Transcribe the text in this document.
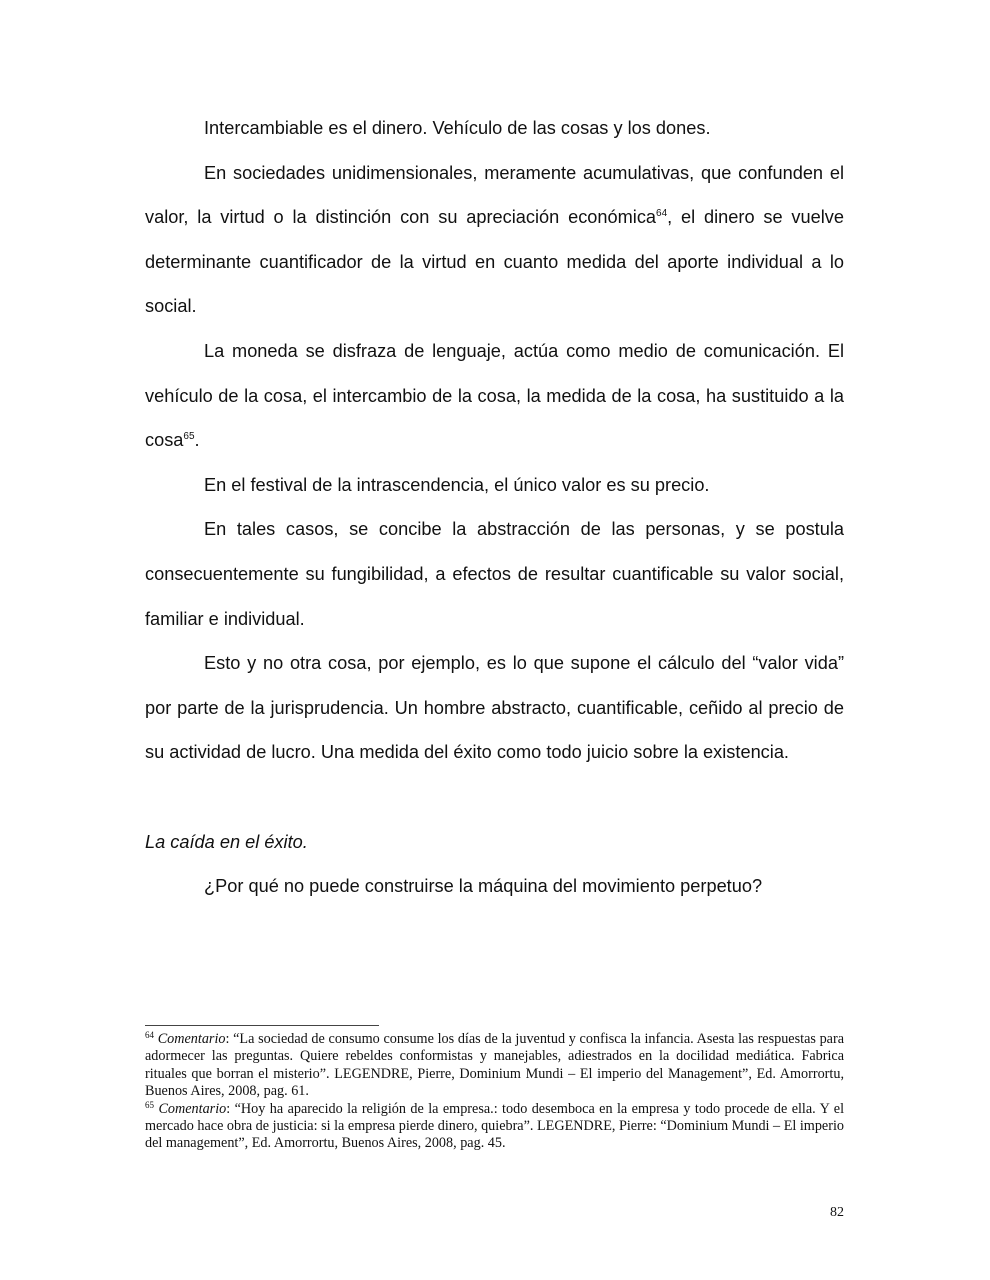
Intercambiable es el dinero. Vehículo de las cosas y los dones.

En sociedades unidimensionales, meramente acumulativas, que confunden el valor, la virtud o la distinción con su apreciación económica$^{64}$, el dinero se vuelve determinante cuantificador de la virtud en cuanto medida del aporte individual a lo social.

La moneda se disfraza de lenguaje, actúa como medio de comunicación. El vehículo de la cosa, el intercambio de la cosa, la medida de la cosa, ha sustituido a la cosa$^{65}$.

En el festival de la intrascendencia, el único valor es su precio.

En tales casos, se concibe la abstracción de las personas, y se postula consecuentemente su fungibilidad, a efectos de resultar cuantificable su valor social, familiar e individual.

Esto y no otra cosa, por ejemplo, es lo que supone el cálculo del “valor vida” por parte de la jurisprudencia. Un hombre abstracto, cuantificable, ceñido al precio de su actividad de lucro. Una medida del éxito como todo juicio sobre la existencia.

La caída en el éxito.

¿Por qué no puede construirse la máquina del movimiento perpetuo?

$^{64}$ Comentario: “La sociedad de consumo consume los días de la juventud y confisca la infancia. Asesta las respuestas para adormecer las preguntas. Quiere rebeldes conformistas y manejables, adiestrados en la docilidad mediática. Fabrica rituales que borran el misterio”. LEGENDRE, Pierre, Dominium Mundi – El imperio del Management”, Ed. Amorrortu, Buenos Aires, 2008, pag. 61.

$^{65}$ Comentario: “Hoy ha aparecido la religión de la empresa.: todo desemboca en la empresa y todo procede de ella. Y el mercado hace obra de justicia: si la empresa pierde dinero, quiebra”. LEGENDRE, Pierre: “Dominium Mundi – El imperio del management”, Ed. Amorrortu, Buenos Aires, 2008, pag. 45.

82
